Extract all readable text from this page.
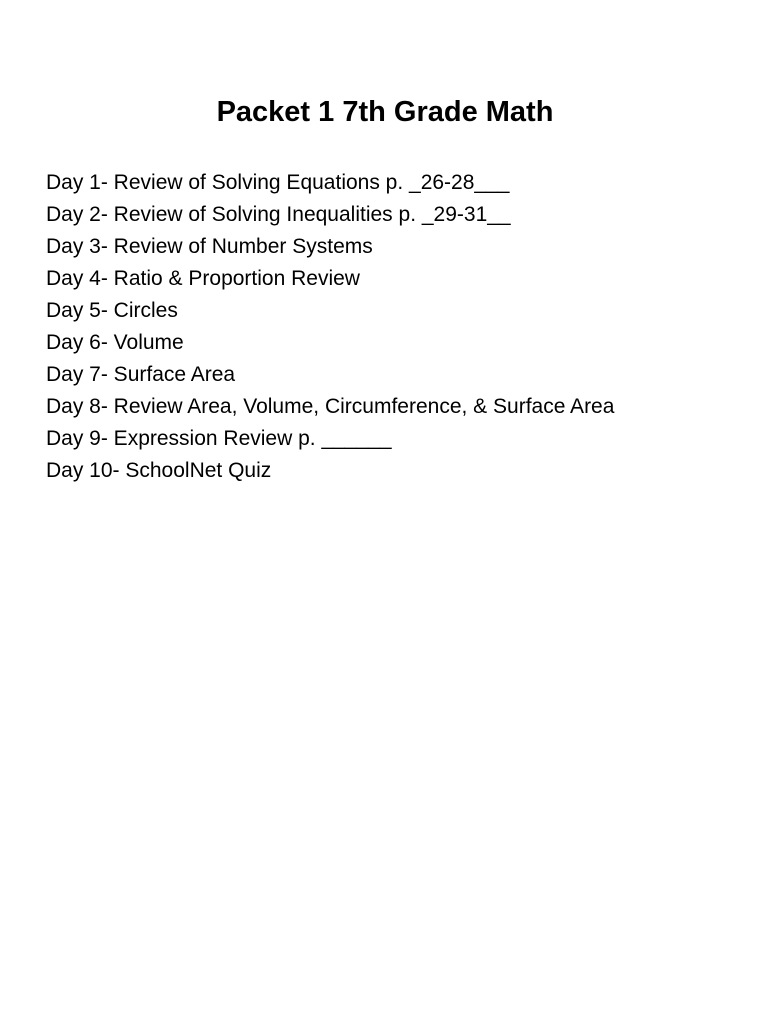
Packet 1 7th Grade Math
Day 1- Review of Solving Equations p. _26-28___
Day 2- Review of Solving Inequalities p. _29-31__
Day 3- Review of Number Systems
Day 4- Ratio & Proportion Review
Day 5- Circles
Day 6- Volume
Day 7- Surface Area
Day 8- Review Area, Volume, Circumference, & Surface Area
Day 9- Expression Review p. ______
Day 10- SchoolNet Quiz
